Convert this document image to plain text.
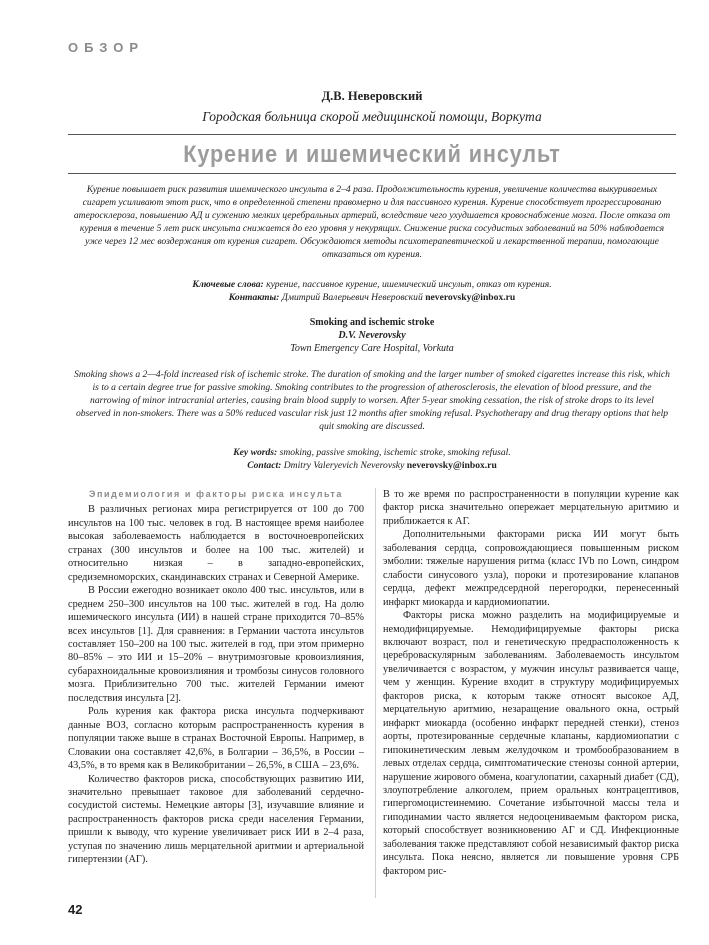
ОБЗОР
Д.В. Неверовский
Городская больница скорой медицинской помощи, Воркута
Курение и ишемический инсульт
Курение повышает риск развития ишемического инсульта в 2–4 раза. Продолжительность курения, увеличение количества выкуриваемых сигарет усиливают этот риск, что в определенной степени правомерно и для пассивного курения. Курение способствует прогрессированию атеросклероза, повышению АД и сужению мелких церебральных артерий, вследствие чего ухудшается кровоснабжение мозга. После отказа от курения в течение 5 лет риск инсульта снижается до его уровня у некурящих. Снижение риска сосудистых заболеваний на 50% наблюдается уже через 12 мес воздержания от курения сигарет. Обсуждаются методы психотерапевтической и лекарственной терапии, помогающие отказаться от курения.
Ключевые слова: курение, пассивное курение, ишемический инсульт, отказ от курения.
Контакты: Дмитрий Валерьевич Неверовский neverovsky@inbox.ru
Smoking and ischemic stroke
D.V. Neverovsky
Town Emergency Care Hospital, Vorkuta
Smoking shows a 2—4-fold increased risk of ischemic stroke. The duration of smoking and the larger number of smoked cigarettes increase this risk, which is to a certain degree true for passive smoking. Smoking contributes to the progression of atherosclerosis, the elevation of blood pressure, and the narrowing of minor intracranial arteries, causing brain blood supply to worsen. After 5-year smoking cessation, the risk of stroke drops to its level observed in non-smokers. There was a 50% reduced vascular risk just 12 months after smoking refusal. Psychotherapy and drug therapy options that help quit smoking are discussed.
Key words: smoking, passive smoking, ischemic stroke, smoking refusal.
Contact: Dmitry Valeryevich Neverovsky neverovsky@inbox.ru
Эпидемиология и факторы риска инсульта

В различных регионах мира регистрируется от 100 до 700 инсультов на 100 тыс. человек в год. В настоящее время наиболее высокая заболеваемость наблюдается в восточноевропейских странах (300 инсультов и более на 100 тыс. жителей) и относительно низкая – в западно-европейских, средиземноморских, скандинавских странах и Северной Америке.

В России ежегодно возникает около 400 тыс. инсультов, или в среднем 250–300 инсультов на 100 тыс. жителей в год. На долю ишемического инсульта (ИИ) в нашей стране приходится 70–85% всех инсультов [1]. Для сравнения: в Германии частота инсультов составляет 150–200 на 100 тыс. жителей в год, при этом примерно 80–85% – это ИИ и 15–20% – внутримозговые кровоизлияния, субарахноидальные кровоизлияния и тромбозы синусов головного мозга. Приблизительно 700 тыс. жителей Германии имеют последствия инсульта [2].

Роль курения как фактора риска инсульта подчеркивают данные ВОЗ, согласно которым распространенность курения в популяции также выше в странах Восточной Европы. Например, в Словакии она составляет 42,6%, в Болгарии – 36,5%, в России – 43,5%, в то время как в Великобритании – 26,5%, в США – 23,6%.

Количество факторов риска, способствующих развитию ИИ, значительно превышает таковое для заболеваний сердечно-сосудистой системы. Немецкие авторы [3], изучавшие влияние и распространенность факторов риска среди населения Германии, пришли к выводу, что курение увеличивает риск ИИ в 2–4 раза, уступая по значению лишь мерцательной аритмии и артериальной гипертензии (АГ).

В то же время по распространенности в популяции курение как фактор риска значительно опережает мерцательную аритмию и приближается к АГ.

Дополнительными факторами риска ИИ могут быть заболевания сердца, сопровождающиеся повышенным риском эмболии: тяжелые нарушения ритма (класс IVb по Lown, синдром слабости синусового узла), пороки и протезирование клапанов сердца, дефект межпредсердной перегородки, перенесенный инфаркт миокарда и кардиомиопатии.

Факторы риска можно разделить на модифицируемые и немодифицируемые. Немодифицируемые факторы риска включают возраст, пол и генетическую предрасположенность к цереброваскулярным заболеваниям. Заболеваемость инсультом увеличивается с возрастом, у мужчин инсульт развивается чаще, чем у женщин. Курение входит в структуру модифицируемых факторов риска, к которым также относят высокое АД, мерцательную аритмию, незаращение овального окна, острый инфаркт миокарда (особенно инфаркт передней стенки), стеноз аорты, протезированные сердечные клапаны, кардиомиопатии с гипокинетическим левым желудочком и тромбообразованием в левых отделах сердца, симптоматические стенозы сонной артерии, нарушение жирового обмена, коагулопатии, сахарный диабет (СД), злоупотребление алкоголем, прием оральных контрацептивов, гипергомоцистеинемию. Сочетание избыточной массы тела и гиподинамии часто является недооцениваемым фактором риска, который способствует возникновению АГ и СД. Инфекционные заболевания также представляют собой независимый фактор риска инсульта. Пока неясно, является ли повышение уровня СРБ фактором рис-

42
